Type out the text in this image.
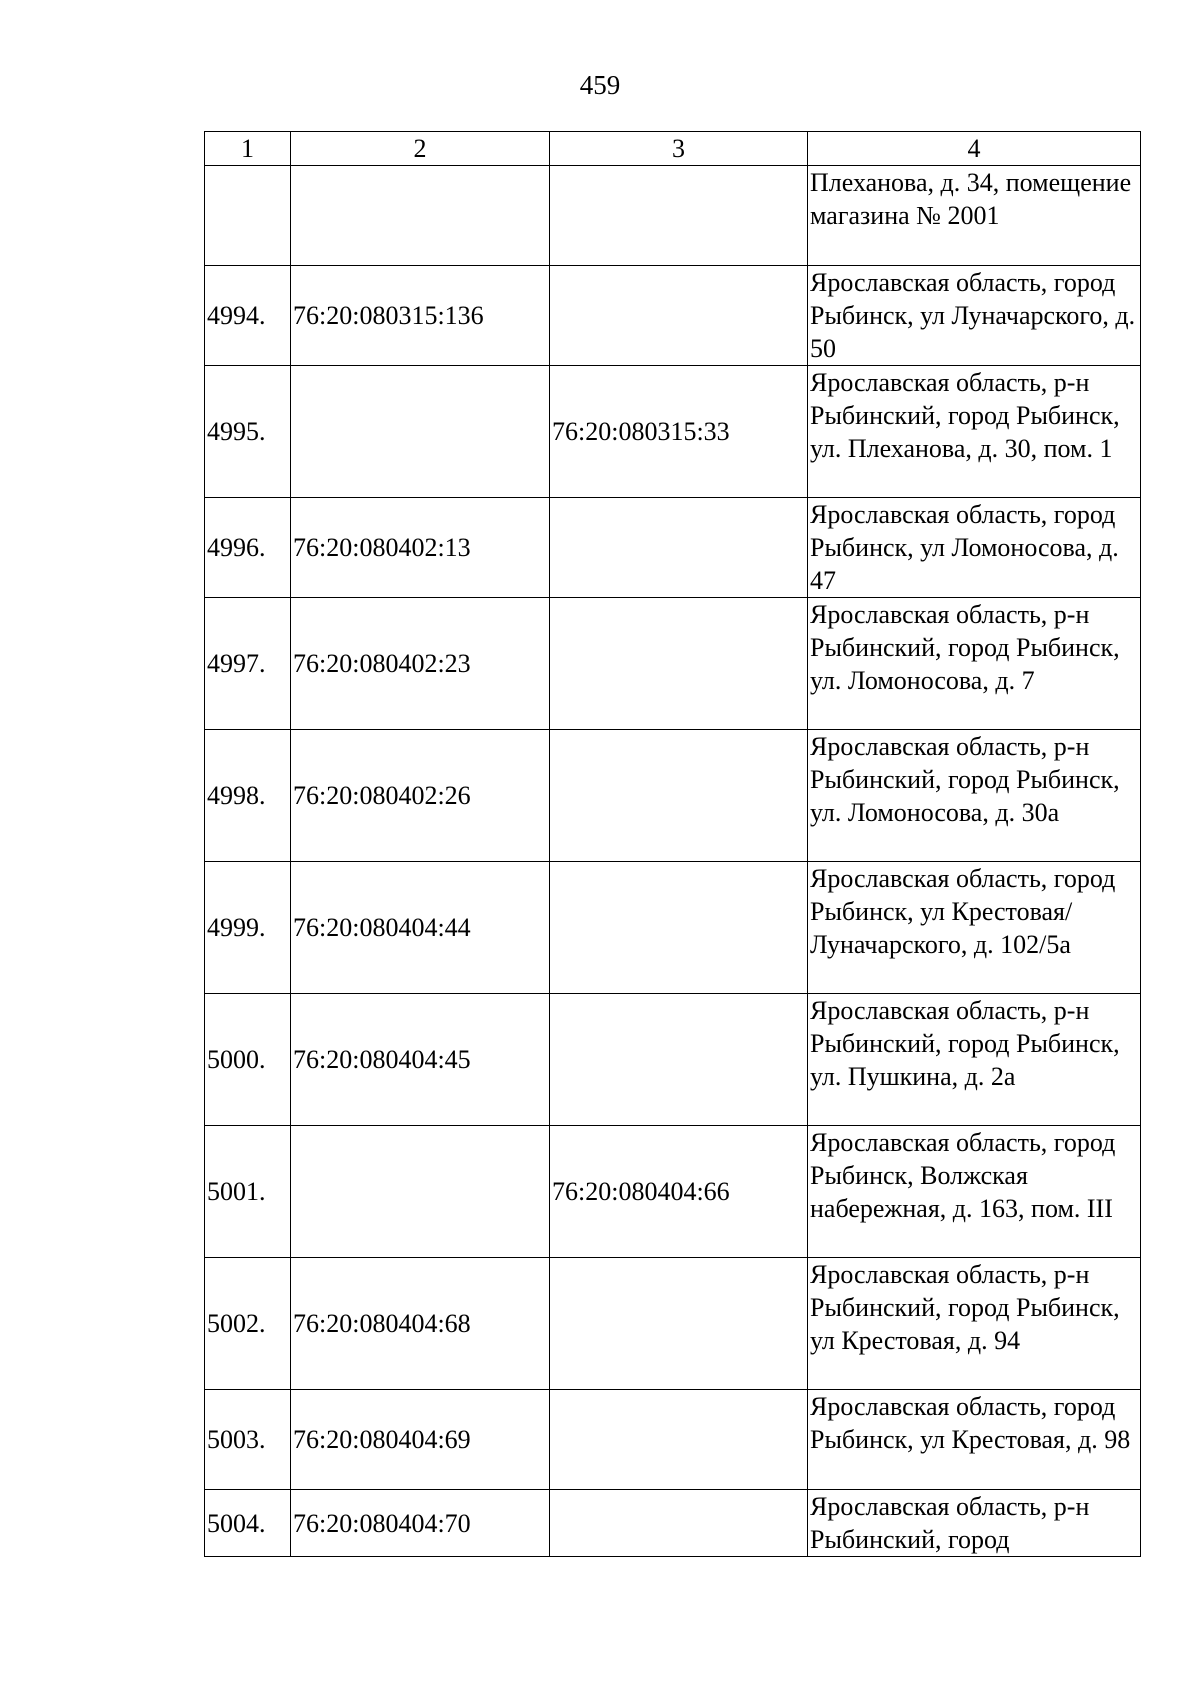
459
1	2	3	4
			Плеханова, д. 34, помещение магазина № 2001
4994.	76:20:080315:136		Ярославская область, город Рыбинск, ул Луначарского, д. 50
4995.		76:20:080315:33	Ярославская область, р-н Рыбинский, город Рыбинск, ул. Плеханова, д. 30, пом. 1
4996.	76:20:080402:13		Ярославская область, город Рыбинск, ул Ломоносова, д. 47
4997.	76:20:080402:23		Ярославская область, р-н Рыбинский, город Рыбинск, ул. Ломоносова, д. 7
4998.	76:20:080402:26		Ярославская область, р-н Рыбинский, город Рыбинск, ул. Ломоносова, д. 30а
4999.	76:20:080404:44		Ярославская область, город Рыбинск, ул Крестовая/Луначарского, д. 102/5а
5000.	76:20:080404:45		Ярославская область, р-н Рыбинский, город Рыбинск, ул. Пушкина, д. 2а
5001.		76:20:080404:66	Ярославская область, город Рыбинск, Волжская набережная, д. 163, пом. III
5002.	76:20:080404:68		Ярославская область, р-н Рыбинский, город Рыбинск, ул Крестовая, д. 94
5003.	76:20:080404:69		Ярославская область, город Рыбинск, ул Крестовая, д. 98
5004.	76:20:080404:70		Ярославская область, р-н Рыбинский, город
